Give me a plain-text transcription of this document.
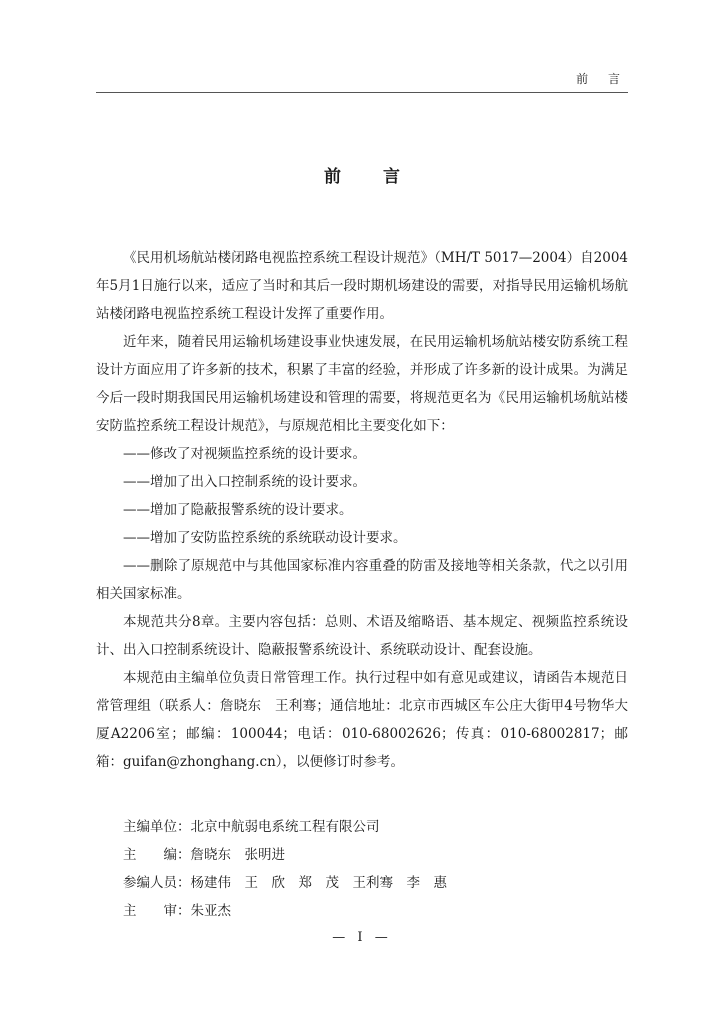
前 言
前 言

《民用机场航站楼闭路电视监控系统工程设计规范》（MH/T 5017—2004）自2004年5月1日施行以来，适应了当时和其后一段时期机场建设的需要，对指导民用运输机场航站楼闭路电视监控系统工程设计发挥了重要作用。

近年来，随着民用运输机场建设事业快速发展，在民用运输机场航站楼安防系统工程设计方面应用了许多新的技术，积累了丰富的经验，并形成了许多新的设计成果。为满足今后一段时期我国民用运输机场建设和管理的需要，将规范更名为《民用运输机场航站楼安防监控系统工程设计规范》，与原规范相比主要变化如下：

——修改了对视频监控系统的设计要求。

——增加了出入口控制系统的设计要求。

——增加了隐蔽报警系统的设计要求。

——增加了安防监控系统的系统联动设计要求。

——删除了原规范中与其他国家标准内容重叠的防雷及接地等相关条款，代之以引用相关国家标准。

本规范共分8章。主要内容包括：总则、术语及缩略语、基本规定、视频监控系统设计、出入口控制系统设计、隐蔽报警系统设计、系统联动设计、配套设施。

本规范由主编单位负责日常管理工作。执行过程中如有意见或建议，请函告本规范日常管理组（联系人：詹晓东　王利骞；通信地址：北京市西城区车公庄大街甲4号物华大厦A2206室；邮编：100044；电话：010-68002626；传真：010-68002817；邮箱：guifan@zhonghang.cn），以便修订时参考。

主编单位：北京中航弱电系统工程有限公司
主　　编：詹晓东　张明进
参编人员：杨建伟　王　欣　郑　茂　王利骞　李　惠
主　　审：朱亚杰
— I —
